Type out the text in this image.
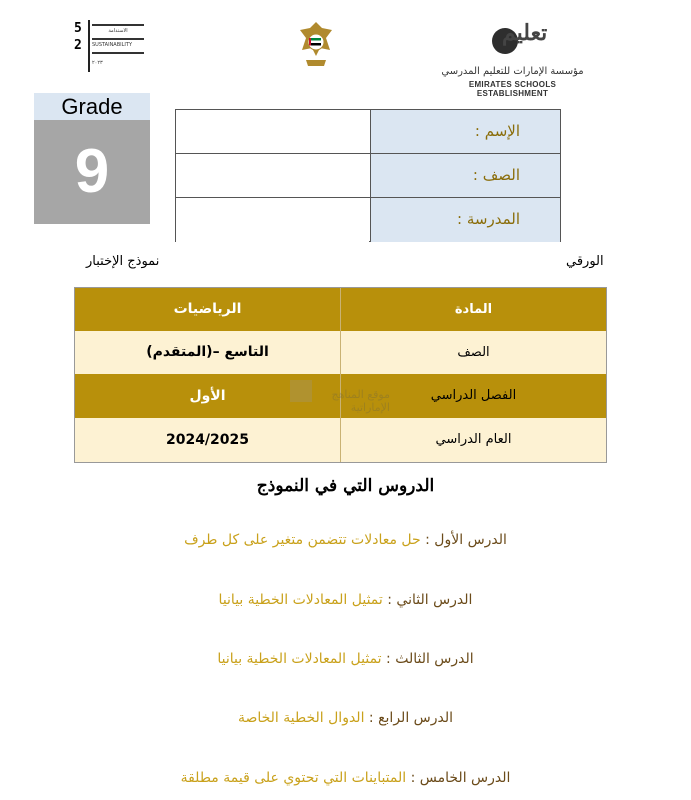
5
2
الاستدامة
SUSTAINABILITY
٢٠٢٣
تعليم
مؤسسة الإمارات للتعليم المدرسي
EMIRATES SCHOOLS ESTABLISHMENT
Grade
9
الإسم :
الصف :
المدرسة :
نموذج الإختبار	الورقي
الرياضيات	المادة
التاسع –(المتقدم)	الصف
الأول	الفصل الدراسي
2024/2025	العام الدراسي
موقع المناهج الإماراتية
الدروس التي في النموذج
الدرس الأول : حل معادلات تتضمن متغير على كل طرف
الدرس الثاني : تمثيل المعادلات الخطية بيانيا
الدرس الثالث : تمثيل المعادلات الخطية بيانيا
الدرس الرابع : الدوال الخطية الخاصة
الدرس الخامس : المتباينات التي تحتوي على قيمة مطلقة
